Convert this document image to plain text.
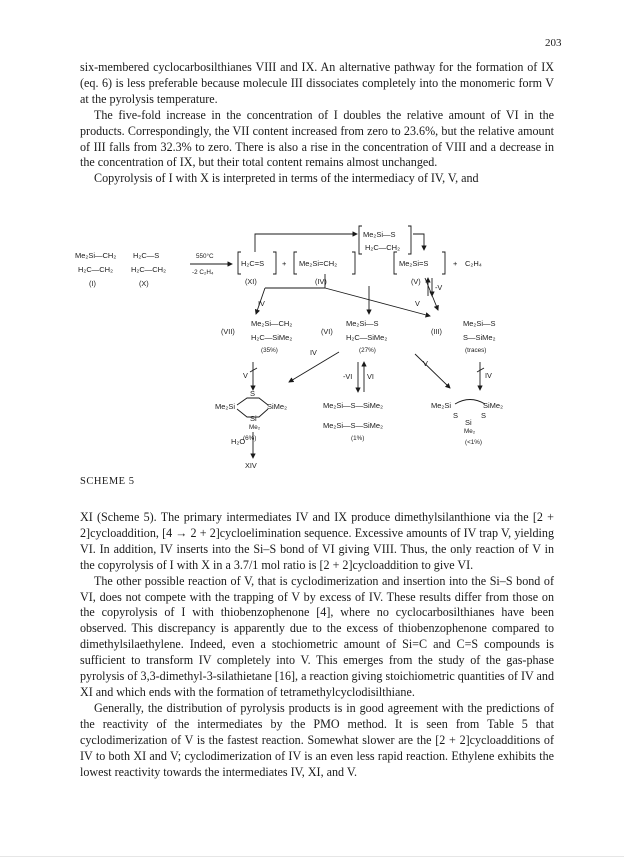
203

six-membered cyclocarbosilthianes VIII and IX. An alternative pathway for the formation of IX (eq. 6) is less preferable because molecule III dissociates completely into the monomeric form V at the pyrolysis temperature.

The five-fold increase in the concentration of I doubles the relative amount of VI in the products. Correspondingly, the VII content increased from zero to 23.6%, but the relative amount of III falls from 32.3% to zero. There is also a rise in the concentration of VIII and a decrease in the concentration of IX, but their total content remains almost unchanged.

Copyrolysis of I with X is interpreted in terms of the intermediacy of IV, V, and

Me₂Si—CH₂
H₂C—CH₂
(I)
H₂C—S
H₂C—CH₂
(X)
550°C
-2 C₂H₄
H₂C=S
(XI)
+ Me₂Si=CH₂
(IV)
Me₂Si=S
(V)
+ C₂H₄
Me₂Si—S
H₂C—CH₂
-V
IV	V
V
IV
-VI VI
V
IV
(VII)
Me₂Si—CH₂
H₂C—SiMe₂
(35%)
(VI)
Me₂Si—S
H₂C—SiMe₂
(27%)
(III)
Me₂Si—S
S—SiMe₂
(traces)
S
Me₂Si	SiMe₂
Si
Me₂
(6%)
Me₂Si—S—SiMe₂
Me₂Si—S—SiMe₂
(1%)
Me₂Si	SiMe₂
S	S
Si
Me₂
(<1%)
H₂O
XIV
SCHEME 5

XI (Scheme 5). The primary intermediates IV and IX produce dimethylsilanthione via the [2 + 2]cycloaddition, [4 → 2 + 2]cycloelimination sequence. Excessive amounts of IV trap V, yielding VI. In addition, IV inserts into the Si–S bond of VI giving VIII. Thus, the only reaction of V in the copyrolysis of I with X in a 3.7/1 mol ratio is [2 + 2]cycloaddition to give VI.

The other possible reaction of V, that is cyclodimerization and insertion into the Si–S bond of VI, does not compete with the trapping of V by excess of IV. These results differ from those on the copyrolysis of I with thiobenzophenone [4], where no cyclocarbosilthianes have been observed. This discrepancy is apparently due to the excess of thiobenzophenone compared to dimethylsilaethylene. Indeed, even a stochiometric amount of Si=C and C=S compounds is sufficient to transform IV completely into V. This emerges from the study of the gas-phase pyrolysis of 3,3-dimethyl-3-silathietane [16], a reaction giving stoichiometric quantities of IV and XI and which ends with the formation of tetramethylcyclodisilthiane.

Generally, the distribution of pyrolysis products is in good agreement with the predictions of the reactivity of the intermediates by the PMO method. It is seen from Table 5 that cyclodimerization of V is the fastest reaction. Somewhat slower are the [2 + 2]cycloadditions of IV to both XI and V; cyclodimerization of IV is an even less rapid reaction. Ethylene exhibits the lowest reactivity towards the intermediates IV, XI, and V.
